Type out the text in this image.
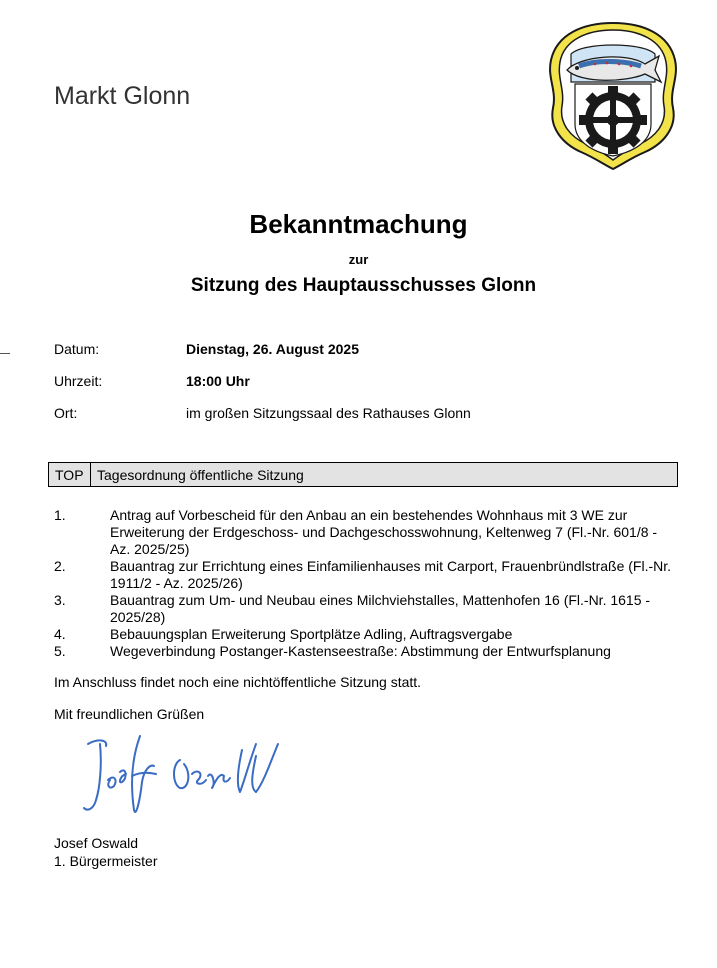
Markt Glonn
Bekanntmachung
zur
Sitzung des Hauptausschusses Glonn
Datum:	Dienstag, 26. August 2025
Uhrzeit:	18:00 Uhr
Ort:	im großen Sitzungssaal des Rathauses Glonn
TOP Tagesordnung öffentliche Sitzung
1.	Antrag auf Vorbescheid für den Anbau an ein bestehendes Wohnhaus mit 3 WE zur Erweiterung der Erdgeschoss- und Dachgeschosswohnung, Keltenweg 7 (Fl.-Nr. 601/8 - Az. 2025/25)
2.	Bauantrag zur Errichtung eines Einfamilienhauses mit Carport, Frauenbründlstraße (Fl.-Nr. 1911/2 - Az. 2025/26)
3.	Bauantrag zum Um- und Neubau eines Milchviehstalles, Mattenhofen 16 (Fl.-Nr. 1615 - 2025/28)
4.	Bebauungsplan Erweiterung Sportplätze Adling, Auftragsvergabe
5.	Wegeverbindung Postanger-Kastenseestraße: Abstimmung der Entwurfsplanung
Im Anschluss findet noch eine nichtöffentliche Sitzung statt.
Mit freundlichen Grüßen
Josef Oswald
1. Bürgermeister
